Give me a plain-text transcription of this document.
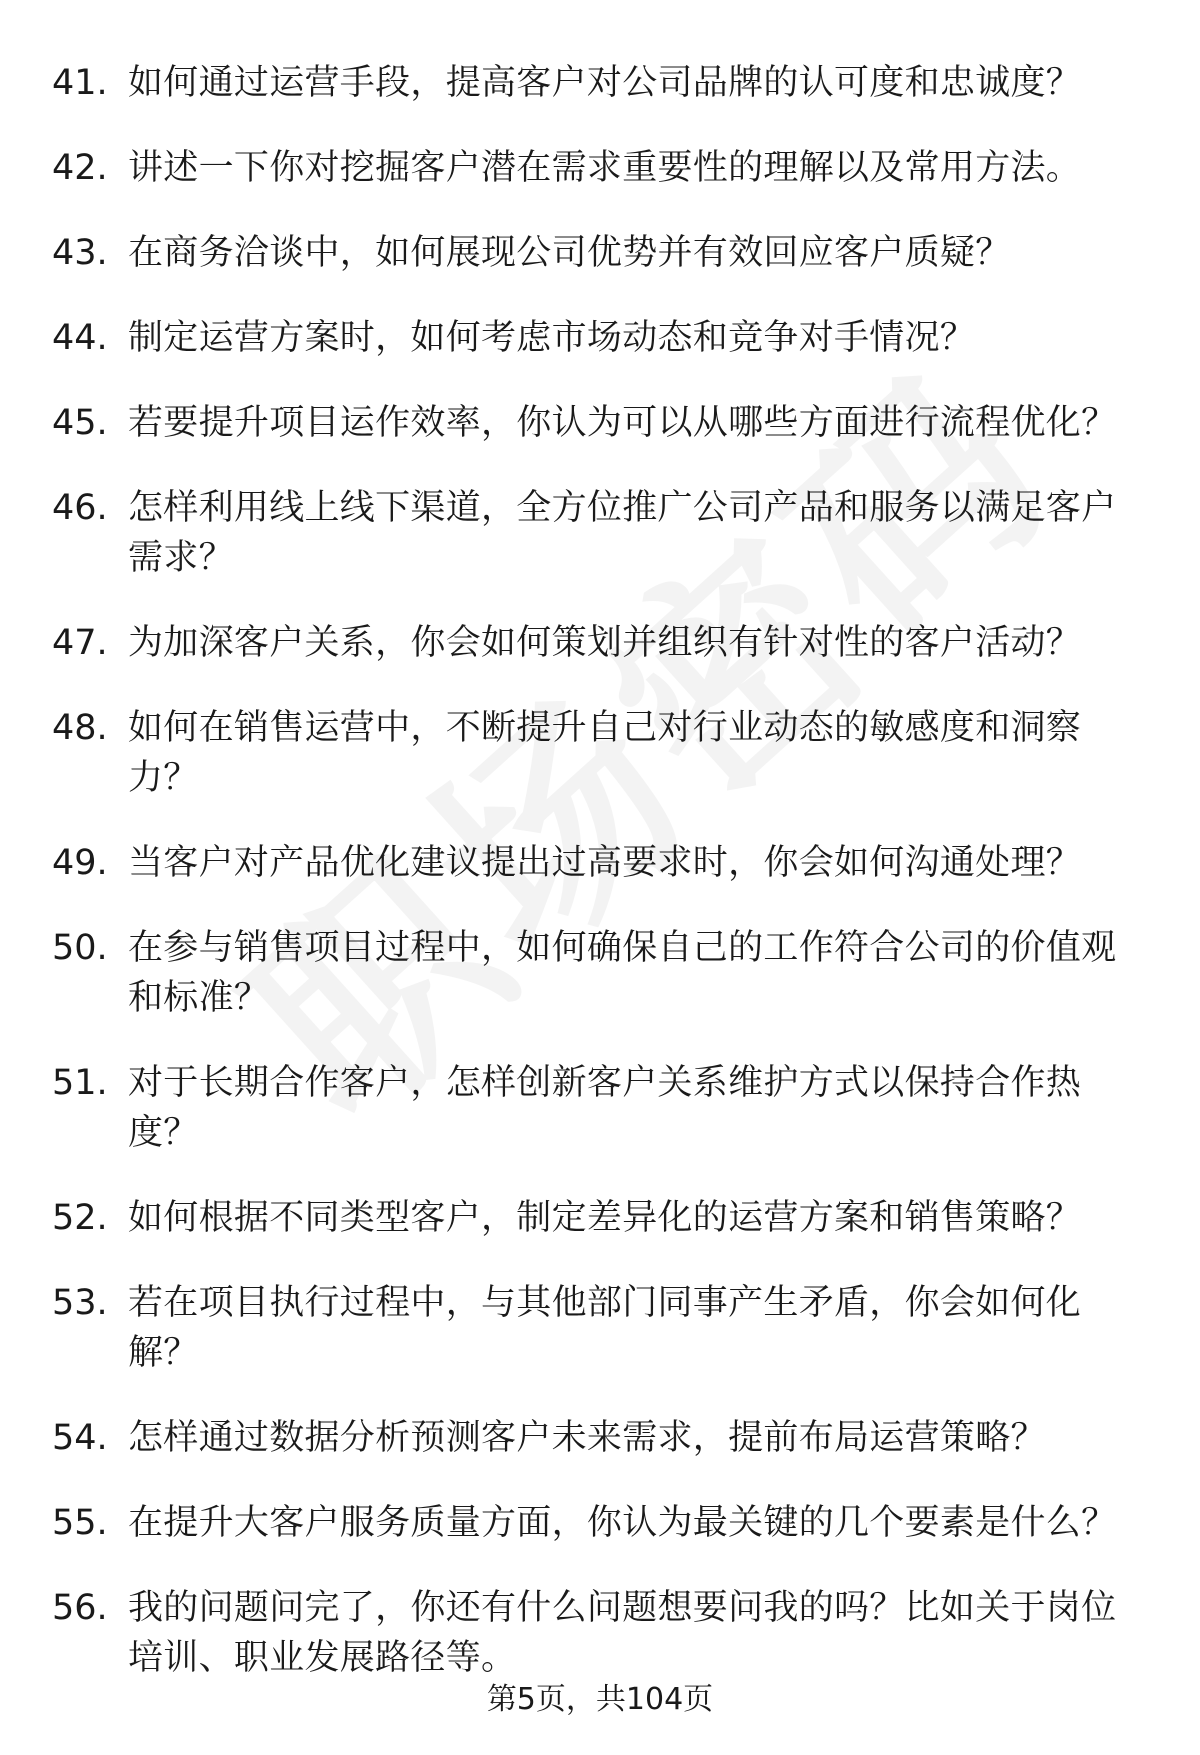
41. 如何通过运营手段，提高客户对公司品牌的认可度和忠诚度？
42. 讲述一下你对挖掘客户潜在需求重要性的理解以及常用方法。
43. 在商务洽谈中，如何展现公司优势并有效回应客户质疑？
44. 制定运营方案时，如何考虑市场动态和竞争对手情况？
45. 若要提升项目运作效率，你认为可以从哪些方面进行流程优化？
46. 怎样利用线上线下渠道，全方位推广公司产品和服务以满足客户需求？
47. 为加深客户关系，你会如何策划并组织有针对性的客户活动？
48. 如何在销售运营中，不断提升自己对行业动态的敏感度和洞察力？
49. 当客户对产品优化建议提出过高要求时，你会如何沟通处理？
50. 在参与销售项目过程中，如何确保自己的工作符合公司的价值观和标准？
51. 对于长期合作客户，怎样创新客户关系维护方式以保持合作热度？
52. 如何根据不同类型客户，制定差异化的运营方案和销售策略？
53. 若在项目执行过程中，与其他部门同事产生矛盾，你会如何化解？
54. 怎样通过数据分析预测客户未来需求，提前布局运营策略？
55. 在提升大客户服务质量方面，你认为最关键的几个要素是什么？
56. 我的问题问完了，你还有什么问题想要问我的吗？比如关于岗位培训、职业发展路径等。
第5页，共104页
